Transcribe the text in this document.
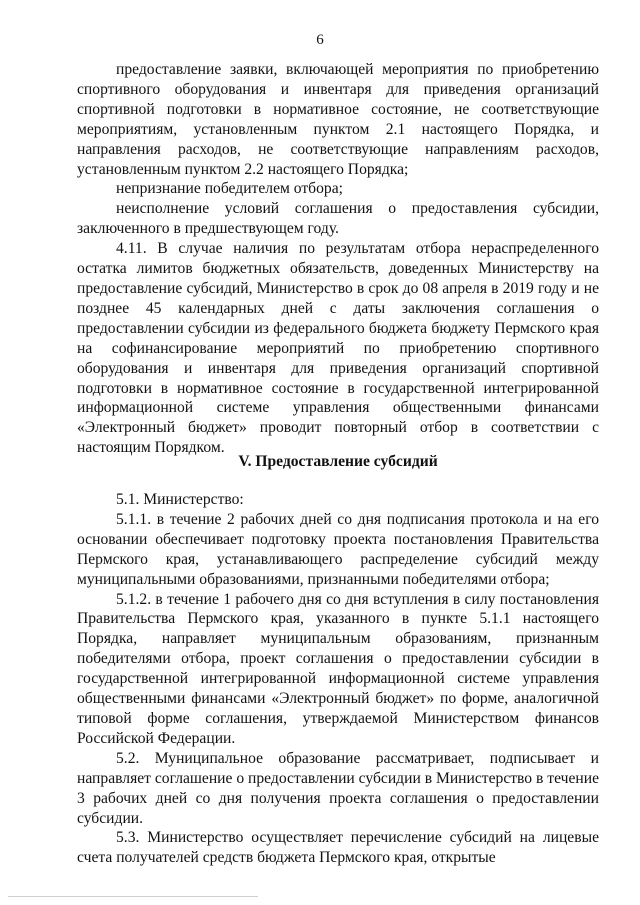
6

предоставление заявки, включающей мероприятия по приобретению спортивного оборудования и инвентаря для приведения организаций спортивной подготовки в нормативное состояние, не соответствующие мероприятиям, установленным пунктом 2.1 настоящего Порядка, и направления расходов, не соответствующие направлениям расходов, установленным пунктом 2.2 настоящего Порядка;

непризнание победителем отбора;

неисполнение условий соглашения о предоставления субсидии, заключенного в предшествующем году.

4.11. В случае наличия по результатам отбора нераспределенного остатка лимитов бюджетных обязательств, доведенных Министерству на предоставление субсидий, Министерство в срок до 08 апреля в 2019 году и не позднее 45 календарных дней с даты заключения соглашения о предоставлении субсидии из федерального бюджета бюджету Пермского края на софинансирование мероприятий по приобретению спортивного оборудования и инвентаря для приведения организаций спортивной подготовки в нормативное состояние в государственной интегрированной информационной системе управления общественными финансами «Электронный бюджет» проводит повторный отбор в соответствии с настоящим Порядком.

V. Предоставление субсидий

5.1. Министерство:

5.1.1. в течение 2 рабочих дней со дня подписания протокола и на его основании обеспечивает подготовку проекта постановления Правительства Пермского края, устанавливающего распределение субсидий между муниципальными образованиями, признанными победителями отбора;

5.1.2. в течение 1 рабочего дня со дня вступления в силу постановления Правительства Пермского края, указанного в пункте 5.1.1 настоящего Порядка, направляет муниципальным образованиям, признанным победителями отбора, проект соглашения о предоставлении субсидии в государственной интегрированной информационной системе управления общественными финансами «Электронный бюджет» по форме, аналогичной типовой форме соглашения, утверждаемой Министерством финансов Российской Федерации.

5.2. Муниципальное образование рассматривает, подписывает и направляет соглашение о предоставлении субсидии в Министерство в течение 3 рабочих дней со дня получения проекта соглашения о предоставлении субсидии.

5.3. Министерство осуществляет перечисление субсидий на лицевые счета получателей средств бюджета Пермского края, открытые
